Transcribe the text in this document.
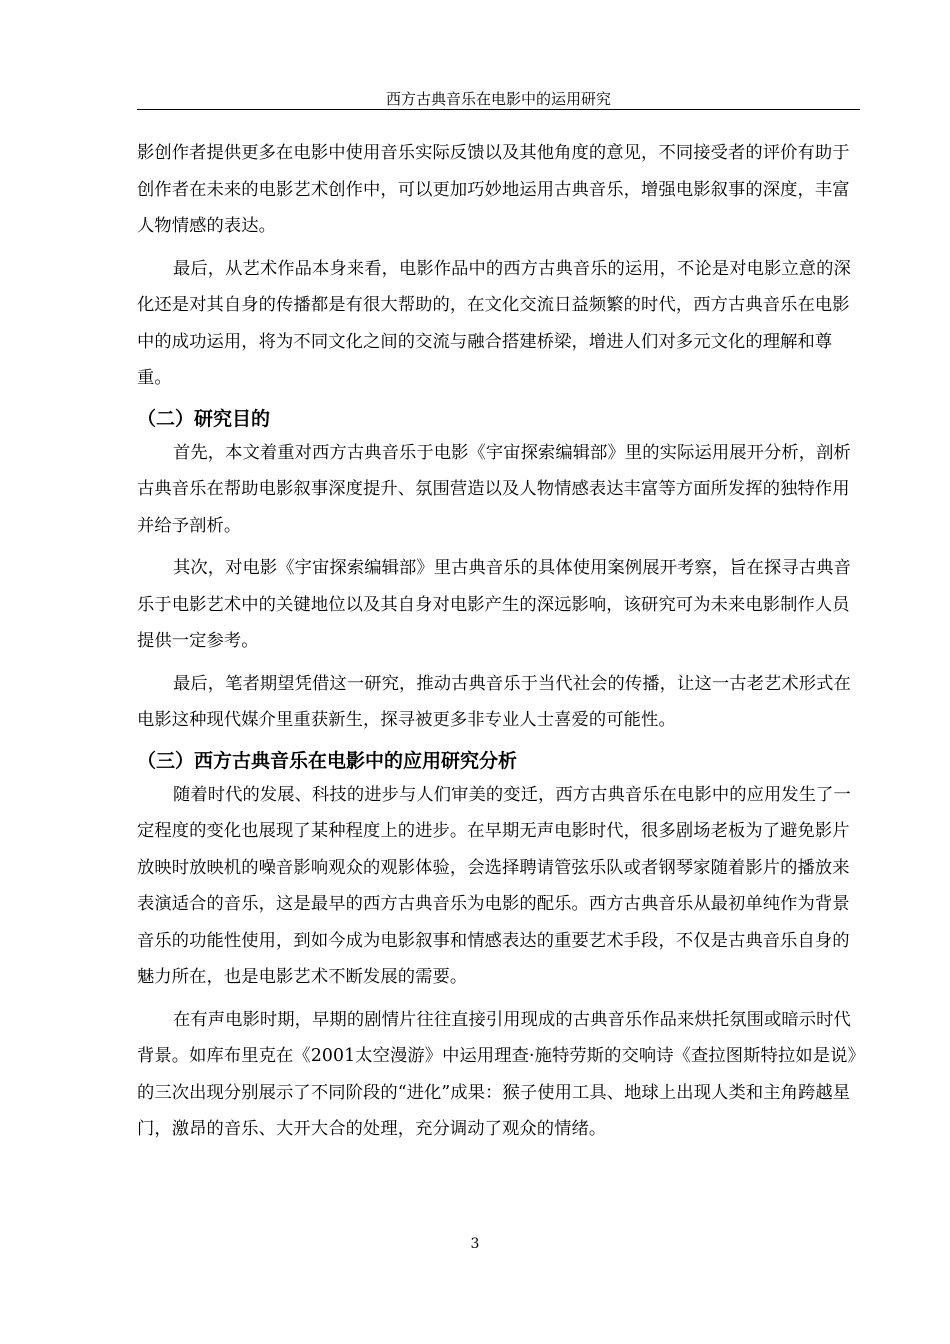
西方古典音乐在电影中的运用研究

影创作者提供更多在电影中使用音乐实际反馈以及其他角度的意见，不同接受者的评价有助于创作者在未来的电影艺术创作中，可以更加巧妙地运用古典音乐，增强电影叙事的深度，丰富人物情感的表达。

最后，从艺术作品本身来看，电影作品中的西方古典音乐的运用，不论是对电影立意的深化还是对其自身的传播都是有很大帮助的，在文化交流日益频繁的时代，西方古典音乐在电影中的成功运用，将为不同文化之间的交流与融合搭建桥梁，增进人们对多元文化的理解和尊重。

（二）研究目的

首先，本文着重对西方古典音乐于电影《宇宙探索编辑部》里的实际运用展开分析，剖析古典音乐在帮助电影叙事深度提升、氛围营造以及人物情感表达丰富等方面所发挥的独特作用并给予剖析。

其次，对电影《宇宙探索编辑部》里古典音乐的具体使用案例展开考察，旨在探寻古典音乐于电影艺术中的关键地位以及其自身对电影产生的深远影响，该研究可为未来电影制作人员提供一定参考。

最后，笔者期望凭借这一研究，推动古典音乐于当代社会的传播，让这一古老艺术形式在电影这种现代媒介里重获新生，探寻被更多非专业人士喜爱的可能性。

（三）西方古典音乐在电影中的应用研究分析

随着时代的发展、科技的进步与人们审美的变迁，西方古典音乐在电影中的应用发生了一定程度的变化也展现了某种程度上的进步。在早期无声电影时代，很多剧场老板为了避免影片放映时放映机的噪音影响观众的观影体验，会选择聘请管弦乐队或者钢琴家随着影片的播放来表演适合的音乐，这是最早的西方古典音乐为电影的配乐。西方古典音乐从最初单纯作为背景音乐的功能性使用，到如今成为电影叙事和情感表达的重要艺术手段，不仅是古典音乐自身的魅力所在，也是电影艺术不断发展的需要。

在有声电影时期，早期的剧情片往往直接引用现成的古典音乐作品来烘托氛围或暗示时代背景。如库布里克在《2001太空漫游》中运用理查·施特劳斯的交响诗《查拉图斯特拉如是说》的三次出现分别展示了不同阶段的“进化”成果：猴子使用工具、地球上出现人类和主角跨越星门，激昂的音乐、大开大合的处理，充分调动了观众的情绪。

3
